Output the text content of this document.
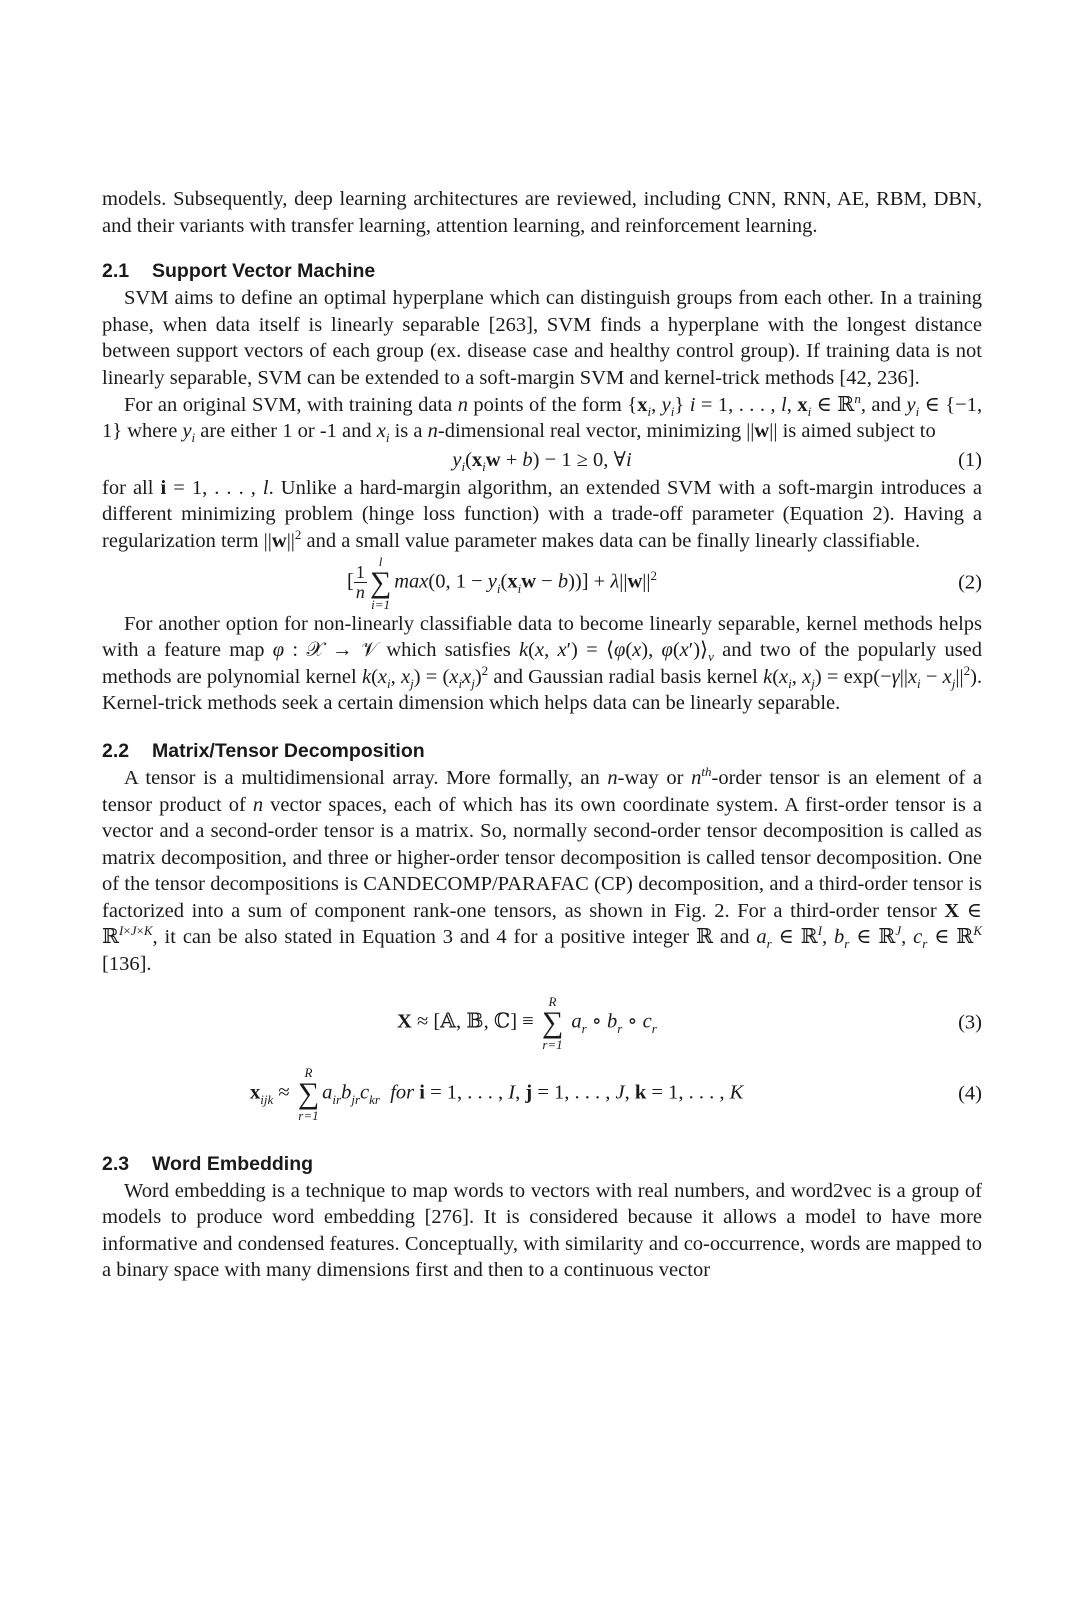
models. Subsequently, deep learning architectures are reviewed, including CNN, RNN, AE, RBM, DBN, and their variants with transfer learning, attention learning, and reinforcement learning.

2.1 Support Vector Machine

SVM aims to define an optimal hyperplane which can distinguish groups from each other. In a training phase, when data itself is linearly separable [263], SVM finds a hyperplane with the longest distance between support vectors of each group (ex. disease case and healthy control group). If training data is not linearly separable, SVM can be extended to a soft-margin SVM and kernel-trick methods [42, 236].

For an original SVM, with training data n points of the form {$x_i$, $y_i$} i = 1, . . . , l, $x_i$ ∈ ℝ$^n$, and $y_i$ ∈ {−1, 1} where $y_i$ are either 1 or -1 and $x_i$ is a n-dimensional real vector, minimizing ||w|| is aimed subject to

$y_i(x_iw + b) - 1 \ge 0$, ∀i	(1)

for all i = 1, . . . , l. Unlike a hard-margin algorithm, an extended SVM with a soft-margin introduces a different minimizing problem (hinge loss function) with a trade-off parameter (Equation 2). Having a regularization term $||w||^2$ and a small value parameter makes data can be finally linearly classifiable.

[ $\frac{1}{n}$
l
∑
i=1
max(0, $1 - y_i(x_iw - b))] + \lambda||w||^2$	(2)

For another option for non-linearly classifiable data to become linearly separable, kernel methods helps with a feature map φ : 𝒳 → 𝒱 which satisfies k(x, x′) = ⟨φ(x), $\varphi(x')⟩_v$ and two of the popularly used methods are polynomial kernel $k(x_i$, $x_j) = (x_ix_j)^2$ and Gaussian radial basis kernel $k(x_i$, $x_j) = \exp(-\gamma||x_i - x_j||^2)$. Kernel-trick methods seek a certain dimension which helps data can be linearly separable.

2.2 Matrix/Tensor Decomposition

A tensor is a multidimensional array. More formally, an n-way or $n^{th}$-order tensor is an element of a tensor product of n vector spaces, each of which has its own coordinate system. A first-order tensor is a vector and a second-order tensor is a matrix. So, normally second-order tensor decomposition is called as matrix decomposition, and three or higher-order tensor decomposition is called tensor decomposition. One of the tensor decompositions is CANDECOMP/PARAFAC (CP) decomposition, and a third-order tensor is factorized into a sum of component rank-one tensors, as shown in Fig. 2. For a third-order tensor X ∈ ℝ$^{I\times J\times K}$, it can be also stated in Equation 3 and 4 for a positive integer ℝ and $a_r$ ∈ ℝ$^I$, $b_r$ ∈ ℝ$^J$, $c_r$ ∈ ℝ$^K$ [136].

X ≈ [𝔸, 𝔹, ℂ] ≡
R
∑
r=1
$a_r$ ∘ $b_r$ ∘ $c_r$	(3)
$x_{ijk}$ ≈
R
∑
r=1
$a_{ir}b_{jr}c_{kr}$ for i = 1, . . . , I, j = 1, . . . , J, k = 1, . . . , K	(4)
2.3 Word Embedding

Word embedding is a technique to map words to vectors with real numbers, and word2vec is a group of models to produce word embedding [276]. It is considered because it allows a model to have more informative and condensed features. Conceptually, with similarity and co-occurrence, words are mapped to a binary space with many dimensions first and then to a continuous vector
